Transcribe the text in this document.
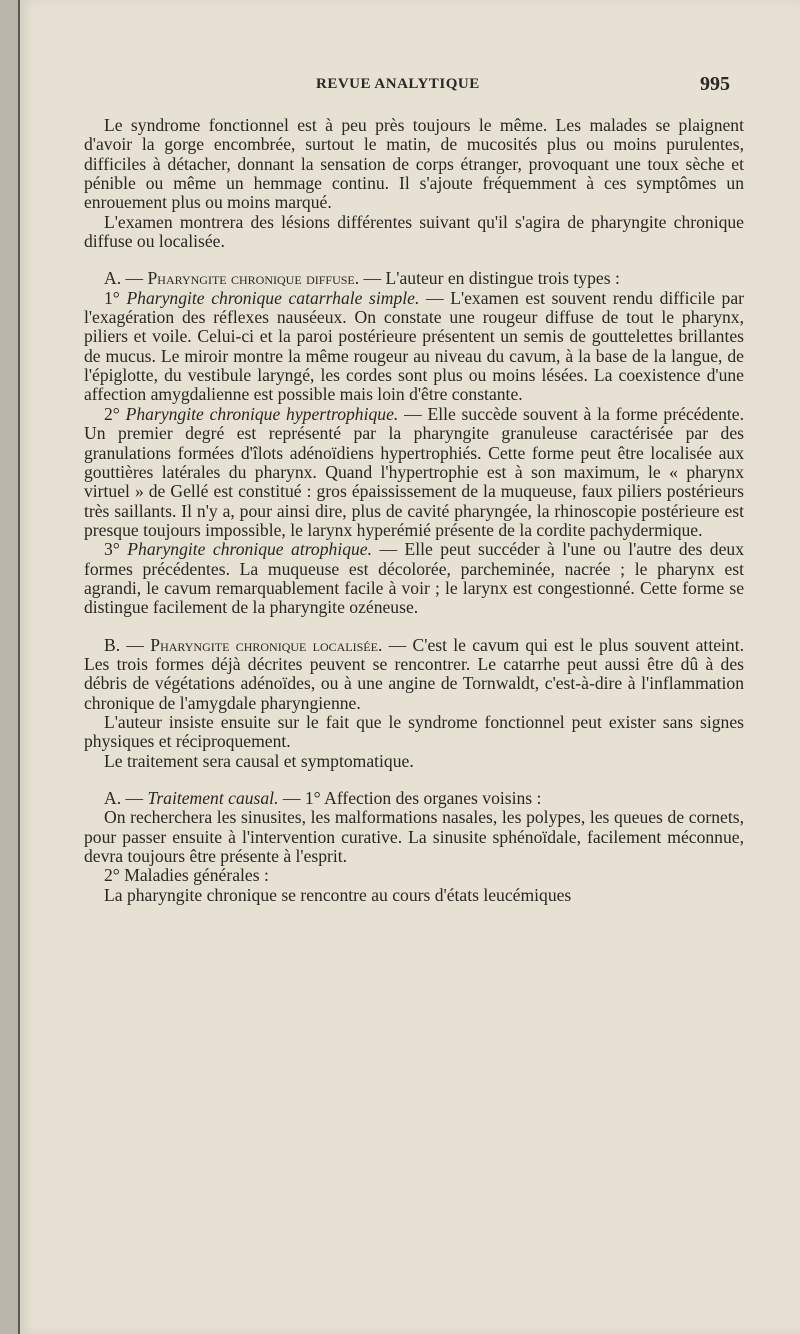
REVUE ANALYTIQUE	995

Le syndrome fonctionnel est à peu près toujours le même. Les malades se plaignent d'avoir la gorge encombrée, surtout le matin, de mucosités plus ou moins purulentes, difficiles à détacher, donnant la sensation de corps étranger, provoquant une toux sèche et pénible ou même un hemmage continu. Il s'ajoute fréquemment à ces symptômes un enrouement plus ou moins marqué.

L'examen montrera des lésions différentes suivant qu'il s'agira de pharyngite chronique diffuse ou localisée.

A. — Pharyngite chronique diffuse. — L'auteur en distingue trois types :

1° Pharyngite chronique catarrhale simple. — L'examen est souvent rendu difficile par l'exagération des réflexes nauséeux. On constate une rougeur diffuse de tout le pharynx, piliers et voile. Celui-ci et la paroi postérieure présentent un semis de gouttelettes brillantes de mucus. Le miroir montre la même rougeur au niveau du cavum, à la base de la langue, de l'épiglotte, du vestibule laryngé, les cordes sont plus ou moins lésées. La coexistence d'une affection amygdalienne est possible mais loin d'être constante.

2° Pharyngite chronique hypertrophique. — Elle succède souvent à la forme précédente. Un premier degré est représenté par la pharyngite granuleuse caractérisée par des granulations formées d'îlots adénoïdiens hypertrophiés. Cette forme peut être localisée aux gouttières latérales du pharynx. Quand l'hypertrophie est à son maximum, le « pharynx virtuel » de Gellé est constitué : gros épaississement de la muqueuse, faux piliers postérieurs très saillants. Il n'y a, pour ainsi dire, plus de cavité pharyngée, la rhinoscopie postérieure est presque toujours impossible, le larynx hyperémié présente de la cordite pachydermique.

3° Pharyngite chronique atrophique. — Elle peut succéder à l'une ou l'autre des deux formes précédentes. La muqueuse est décolorée, parcheminée, nacrée ; le pharynx est agrandi, le cavum remarquablement facile à voir ; le larynx est congestionné. Cette forme se distingue facilement de la pharyngite ozéneuse.

B. — Pharyngite chronique localisée. — C'est le cavum qui est le plus souvent atteint. Les trois formes déjà décrites peuvent se rencontrer. Le catarrhe peut aussi être dû à des débris de végétations adénoïdes, ou à une angine de Tornwaldt, c'est-à-dire à l'inflammation chronique de l'amygdale pharyngienne.

L'auteur insiste ensuite sur le fait que le syndrome fonctionnel peut exister sans signes physiques et réciproquement.

Le traitement sera causal et symptomatique.

A. — Traitement causal. — 1° Affection des organes voisins :

On recherchera les sinusites, les malformations nasales, les polypes, les queues de cornets, pour passer ensuite à l'intervention curative. La sinusite sphénoïdale, facilement méconnue, devra toujours être présente à l'esprit.

2° Maladies générales :

La pharyngite chronique se rencontre au cours d'états leucémiques
